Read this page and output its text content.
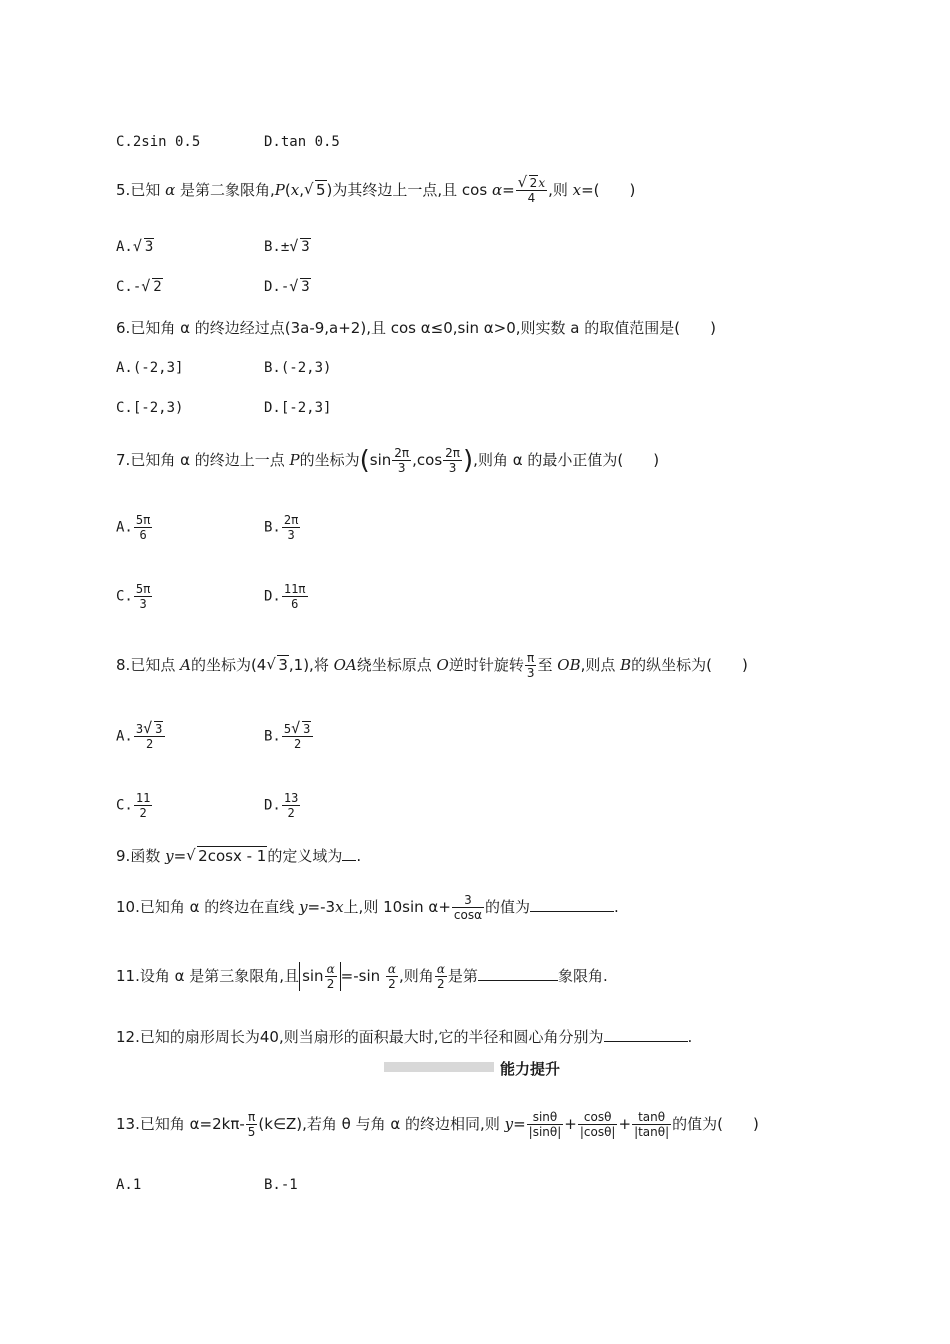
C.2sin 0.5	D.tan 0.5
5.已知 α 是第二象限角,P(x, √ 5)为其终边上一点,且 cos α= √ $\frac{2x}{4}$ ,则 x=(　　)
A. √ 3	B.± √ 3
C.- √ 2	D.- √ 3
6.已知角 α 的终边经过点(3a-9,a+2),且 cos α≤0,sin α>0,则实数 a 的取值范围是(　　)
A.(-2,3]	B.(-2,3)
C.[-2,3)	D.[-2,3]
7.已知角 α 的终边上一点 P的坐标为($\sin \frac{2\pi}{3} ,\cos \frac{2\pi}{3}$ ),则角 α 的最小正值为(　　)
A. $\frac{5\pi}{6}$	B. $\frac{2\pi}{3}$
C. $\frac{5\pi}{3}$	D. $\frac{11\pi}{6}$
8.已知点 A的坐标为(4 √ 3,1),将 OA绕坐标原点 O逆时针旋转 $\frac{\pi}{3}$ 至 OB,则点 B的纵坐标为(　　)
A. $\frac{3 √ 3}{2}$	B. $\frac{5 √ 3}{2}$
C. $\frac{11}{2}$	D. $\frac{13}{2}$
9.函数 y= √ 2cosx - 1的定义域为 .
10.已知角 α 的终边在直线 y=-3x上,则 10sin $\alpha+ \frac{3}{\cos\alpha}$ 的值为	.
11.设角 α 是第三象限角,且 $\sin \frac{\alpha}{2} =-\sin \frac{\alpha}{2}$ ,则角 $\frac{\alpha}{2}$ 是第	象限角.
12.已知的扇形周长为40,则当扇形的面积最大时,它的半径和圆心角分别为	.
能力提升
13.已知角 $\alpha=2k\pi- \frac{\pi}{5}$ (k∈Z),若角 θ 与角 α 的终边相同,则 $y= \frac{\sin\theta}{|\sin\theta|} + \frac{\cos\theta}{|\cos\theta|} + \frac{\tan\theta}{|\tan\theta|}$ 的值为(　　)
A.1	B.-1
